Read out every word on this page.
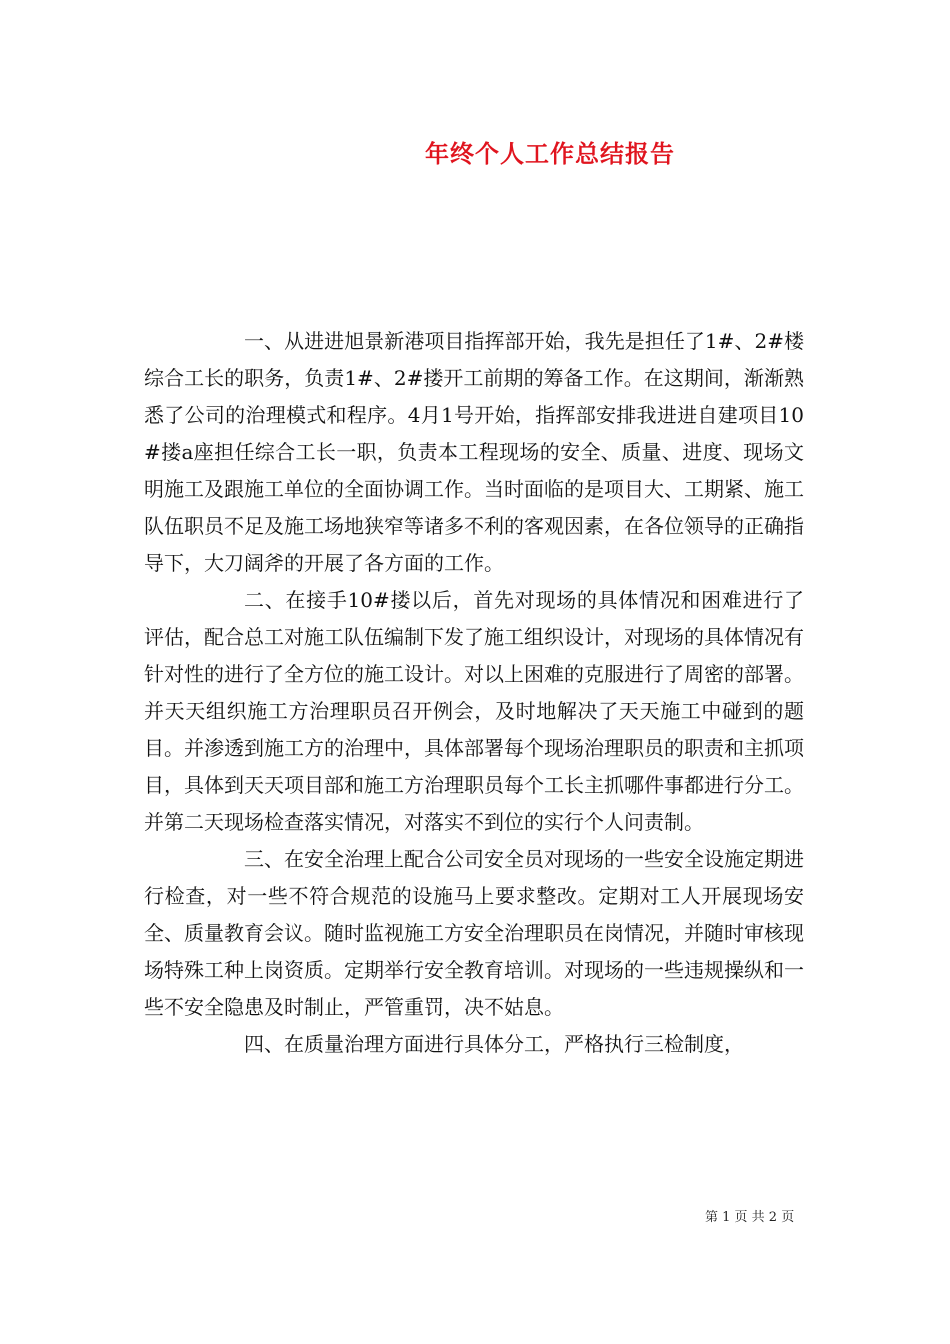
年终个人工作总结报告

一、从进进旭景新港项目指挥部开始，我先是担任了1#、2#楼综合工长的职务，负责1#、2#搂开工前期的筹备工作。在这期间，渐渐熟悉了公司的治理模式和程序。4月1号开始，指挥部安排我进进自建项目10#搂a座担任综合工长一职，负责本工程现场的安全、质量、进度、现场文明施工及跟施工单位的全面协调工作。当时面临的是项目大、工期紧、施工队伍职员不足及施工场地狭窄等诸多不利的客观因素，在各位领导的正确指导下，大刀阔斧的开展了各方面的工作。

二、在接手10#搂以后，首先对现场的具体情况和困难进行了评估，配合总工对施工队伍编制下发了施工组织设计，对现场的具体情况有针对性的进行了全方位的施工设计。对以上困难的克服进行了周密的部署。并天天组织施工方治理职员召开例会，及时地解决了天天施工中碰到的题目。并渗透到施工方的治理中，具体部署每个现场治理职员的职责和主抓项目，具体到天天项目部和施工方治理职员每个工长主抓哪件事都进行分工。并第二天现场检查落实情况，对落实不到位的实行个人问责制。

三、在安全治理上配合公司安全员对现场的一些安全设施定期进行检查，对一些不符合规范的设施马上要求整改。定期对工人开展现场安全、质量教育会议。随时监视施工方安全治理职员在岗情况，并随时审核现场特殊工种上岗资质。定期举行安全教育培训。对现场的一些违规操纵和一些不安全隐患及时制止，严管重罚，决不姑息。

四、在质量治理方面进行具体分工，严格执行三检制度，

第 1 页 共 2 页
